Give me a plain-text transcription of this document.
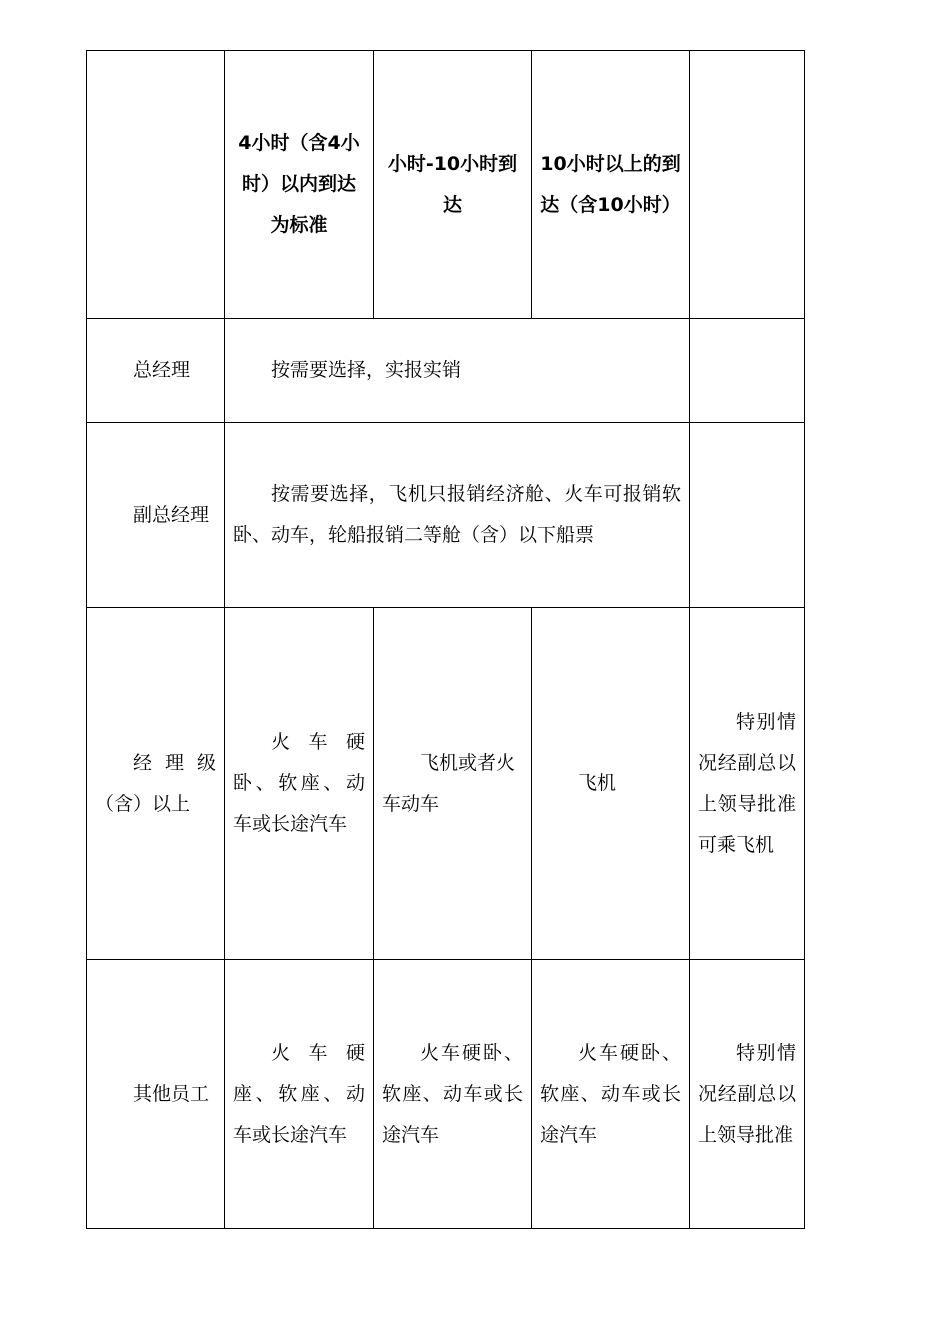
	4小时（含4小时）以内到达为标准	小时-10小时到达	10小时以上的到达（含10小时）	
总经理	按需要选择，实报实销			
副总经理	按需要选择，飞机只报销经济舱、火车可报销软卧、动车，轮船报销二等舱（含）以下船票			
经理级（含）以上	火车硬卧、软座、动车或长途汽车	飞机或者火车动车	飞机	特别情况经副总以上领导批准可乘飞机
其他员工	火车硬座、软座、动车或长途汽车	火车硬卧、软座、动车或长途汽车	火车硬卧、软座、动车或长途汽车	特别情况经副总以上领导批准
